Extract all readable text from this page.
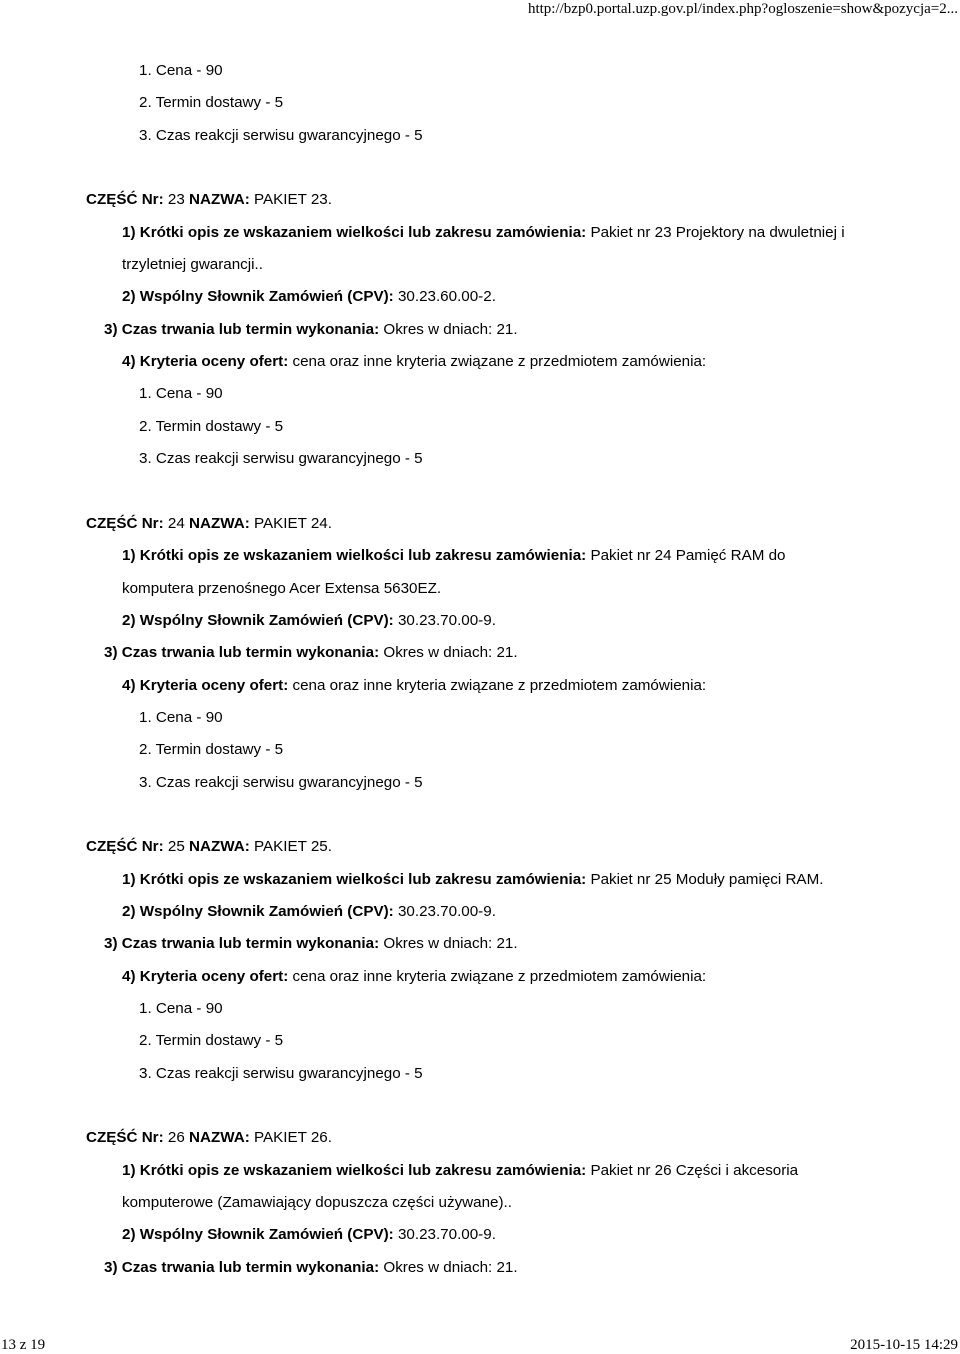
http://bzp0.portal.uzp.gov.pl/index.php?ogloszenie=show&pozycja=2...
1. Cena - 90
2. Termin dostawy - 5
3. Czas reakcji serwisu gwarancyjnego - 5
CZĘŚĆ Nr: 23 NAZWA: PAKIET 23.
1) Krótki opis ze wskazaniem wielkości lub zakresu zamówienia: Pakiet nr 23 Projektory na dwuletniej i
trzyletniej gwarancji..
2) Wspólny Słownik Zamówień (CPV): 30.23.60.00-2.
3) Czas trwania lub termin wykonania: Okres w dniach: 21.
4) Kryteria oceny ofert: cena oraz inne kryteria związane z przedmiotem zamówienia:
1. Cena - 90
2. Termin dostawy - 5
3. Czas reakcji serwisu gwarancyjnego - 5
CZĘŚĆ Nr: 24 NAZWA: PAKIET 24.
1) Krótki opis ze wskazaniem wielkości lub zakresu zamówienia: Pakiet nr 24 Pamięć RAM do
komputera przenośnego Acer Extensa 5630EZ.
2) Wspólny Słownik Zamówień (CPV): 30.23.70.00-9.
3) Czas trwania lub termin wykonania: Okres w dniach: 21.
4) Kryteria oceny ofert: cena oraz inne kryteria związane z przedmiotem zamówienia:
1. Cena - 90
2. Termin dostawy - 5
3. Czas reakcji serwisu gwarancyjnego - 5
CZĘŚĆ Nr: 25 NAZWA: PAKIET 25.
1) Krótki opis ze wskazaniem wielkości lub zakresu zamówienia: Pakiet nr 25 Moduły pamięci RAM.
2) Wspólny Słownik Zamówień (CPV): 30.23.70.00-9.
3) Czas trwania lub termin wykonania: Okres w dniach: 21.
4) Kryteria oceny ofert: cena oraz inne kryteria związane z przedmiotem zamówienia:
1. Cena - 90
2. Termin dostawy - 5
3. Czas reakcji serwisu gwarancyjnego - 5
CZĘŚĆ Nr: 26 NAZWA: PAKIET 26.
1) Krótki opis ze wskazaniem wielkości lub zakresu zamówienia: Pakiet nr 26 Części i akcesoria
komputerowe (Zamawiający dopuszcza części używane)..
2) Wspólny Słownik Zamówień (CPV): 30.23.70.00-9.
3) Czas trwania lub termin wykonania: Okres w dniach: 21.
13 z 19	2015-10-15 14:29
